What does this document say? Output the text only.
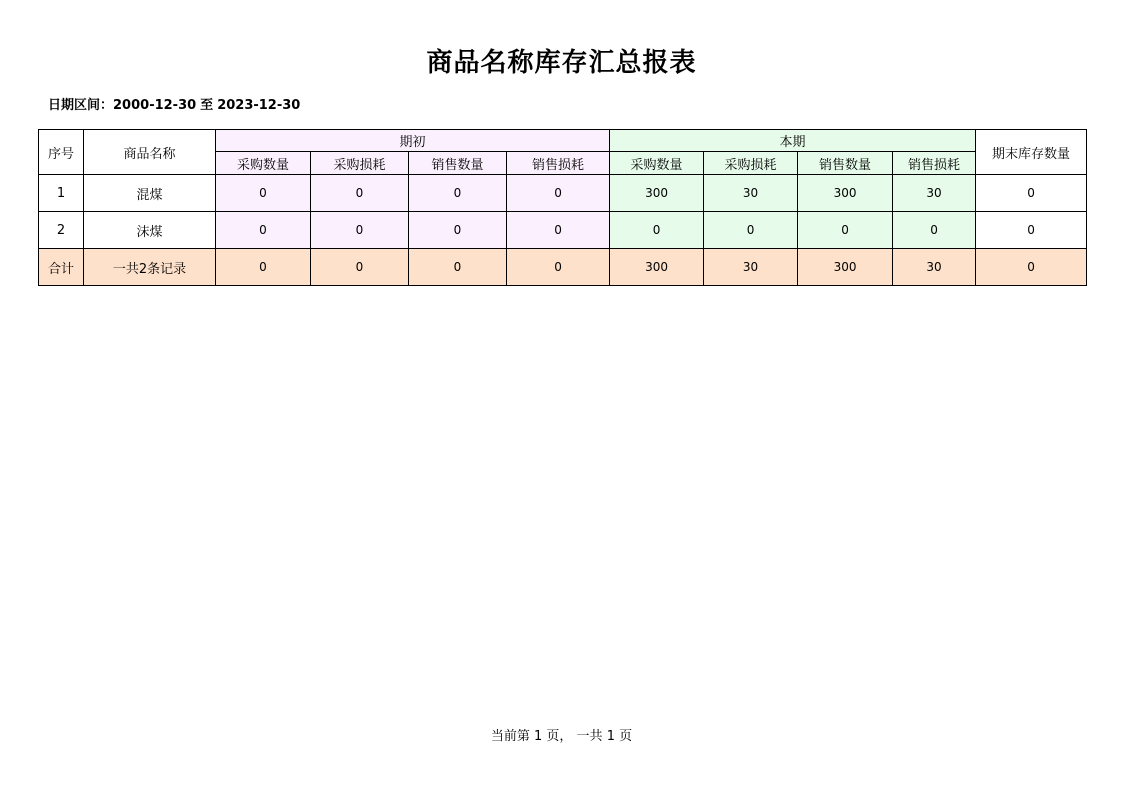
商品名称库存汇总报表
日期区间：2000-12-30 至 2023-12-30
序号	商品名称	期初				本期				期末库存数量
		采购数量	采购损耗	销售数量	销售损耗	采购数量	采购损耗	销售数量	销售损耗	
1	混煤	0	0	0	0	300	30	300	30	0
2	沫煤	0	0	0	0	0	0	0	0	0
合计	一共2条记录	0	0	0	0	300	30	300	30	0
当前第 1 页， 一共 1 页
